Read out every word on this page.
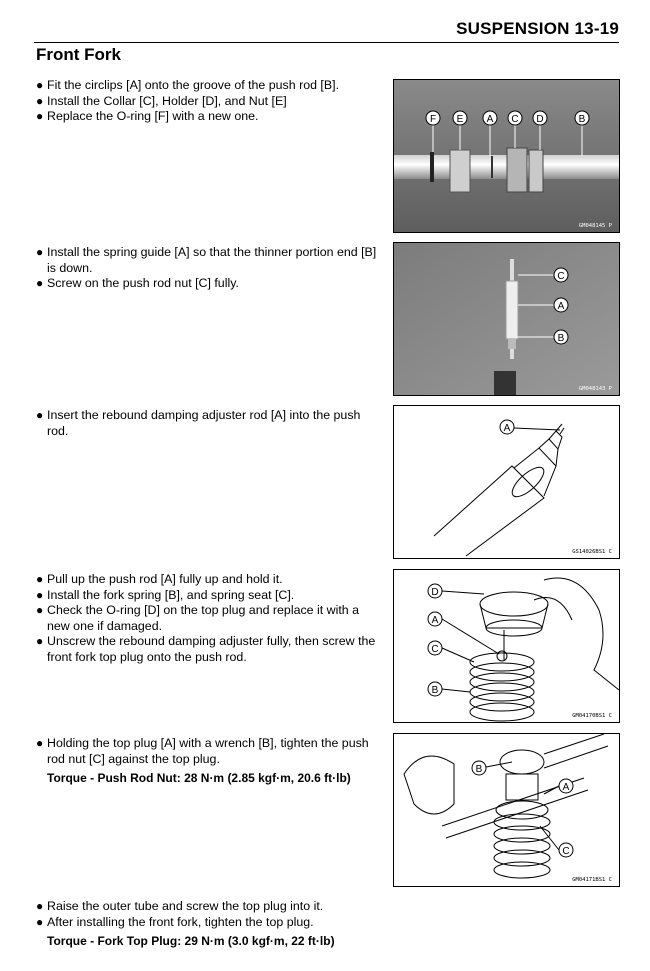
SUSPENSION 13-19
Front Fork

● Fit the circlips [A] onto the groove of the push rod [B].

● Install the Collar [C], Holder [D], and Nut [E]

● Replace the O-ring [F] with a new one.	F E A C D	B
GM048145 P

● Install the spring guide [A] so that the thinner portion end [B] is down.

● Screw on the push rod nut [C] fully.	C
A
B
GM048143 P

● Insert the rebound damping adjuster rod [A] into the push rod.	A
GS14026BS1 C

● Pull up the push rod [A] fully up and hold it.

● Install the fork spring [B], and spring seat [C].

● Check the O-ring [D] on the top plug and replace it with a new one if damaged.

● Unscrew the rebound damping adjuster fully, then screw the front fork top plug onto the push rod.

D
A
C
B
GM04170BS1 C

● Holding the top plug [A] with a wrench [B], tighten the push rod nut [C] against the top plug.

Torque - Push Rod Nut: 28 N·m (2.85 kgf·m, 20.6 ft·lb)
B
A
C
GM04171BS1 C

● Raise the outer tube and screw the top plug into it.

● After installing the front fork, tighten the top plug.

Torque - Fork Top Plug: 29 N·m (3.0 kgf·m, 22 ft·lb)
